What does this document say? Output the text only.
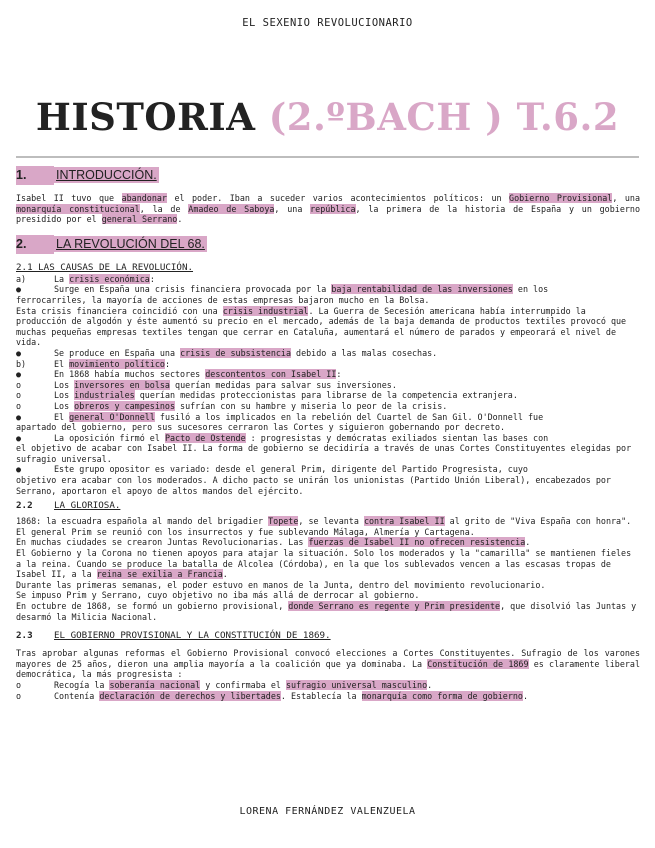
EL SEXENIO REVOLUCIONARIO
HISTORIA (2.ºBACH ) T.6.2
1. INTRODUCCIÓN.

Isabel II tuvo que abandonar el poder. Iban a suceder varios acontecimientos políticos: un Gobierno Provisional, una monarquía constitucional, la de Amadeo de Saboya, una república, la primera de la historia de España y un gobierno presidido por el general Serrano.

2. LA REVOLUCIÓN DEL 68.
2.1 LAS CAUSAS DE LA REVOLUCIÓN.
a)	La crisis económica:
●	Surge en España una crisis financiera provocada por la baja rentabilidad de las inversiones en los

ferrocarriles, la mayoría de acciones de estas empresas bajaron mucho en la Bolsa.

Esta crisis financiera coincidió con una crisis industrial. La Guerra de Secesión americana había interrumpido la producción de algodón y éste aumentó su precio en el mercado, además de la baja demanda de productos textiles provocó que muchas pequeñas empresas textiles tengan que cerrar en Cataluña, aumentará el número de parados y empeorará el nivel de vida.

●	Se produce en España una crisis de subsistencia debido a las malas cosechas.
b)	El movimiento político:
●	En 1868 había muchos sectores descontentos con Isabel II:
o	Los inversores en bolsa querían medidas para salvar sus inversiones.
o	Los industriales querían medidas proteccionistas para librarse de la competencia extranjera.
o	Los obreros y campesinos sufrían con su hambre y miseria lo peor de la crisis.
●	El general O'Donnell fusiló a los implicados en la rebelión del Cuartel de San Gil. O'Donnell fue

apartado del gobierno, pero sus sucesores cerraron las Cortes y siguieron gobernando por decreto.

●	La oposición firmó el Pacto de Ostende : progresistas y demócratas exiliados sientan las bases con

el objetivo de acabar con Isabel II. La forma de gobierno se decidiría a través de unas Cortes Constituyentes elegidas por sufragio universal.

●	Este grupo opositor es variado: desde el general Prim, dirigente del Partido Progresista, cuyo

objetivo era acabar con los moderados. A dicho pacto se unirán los unionistas (Partido Unión Liberal), encabezados por Serrano, aportaron el apoyo de altos mandos del ejército.

2.2 LA GLORIOSA.

1868: la escuadra española al mando del brigadier Topete, se levanta contra Isabel II al grito de "Viva España con honra".

El general Prim se reunió con los insurrectos y fue sublevando Málaga, Almería y Cartagena.

En muchas ciudades se crearon Juntas Revolucionarias. Las fuerzas de Isabel II no ofrecen resistencia.

El Gobierno y la Corona no tienen apoyos para atajar la situación. Solo los moderados y la "camarilla" se mantienen fieles a la reina. Cuando se produce la batalla de Alcolea (Córdoba), en la que los sublevados vencen a las escasas tropas de Isabel II, a la reina se exilia a Francia.

Durante las primeras semanas, el poder estuvo en manos de la Junta, dentro del movimiento revolucionario.

Se impuso Prim y Serrano, cuyo objetivo no iba más allá de derrocar al gobierno.

En octubre de 1868, se formó un gobierno provisional, donde Serrano es regente y Prim presidente, que disolvió las Juntas y desarmó la Milicia Nacional.

2.3 EL GOBIERNO PROVISIONAL Y LA CONSTITUCIÓN DE 1869.

Tras aprobar algunas reformas el Gobierno Provisional convocó elecciones a Cortes Constituyentes. Sufragio de los varones mayores de 25 años, dieron una amplia mayoría a la coalición que ya dominaba. La Constitución de 1869 es claramente liberal democrática, la más progresista :

o	Recogía la soberanía nacional y confirmaba el sufragio universal masculino.
o	Contenía declaración de derechos y libertades. Establecía la monarquía como forma de gobierno.
LORENA FERNÁNDEZ VALENZUELA
